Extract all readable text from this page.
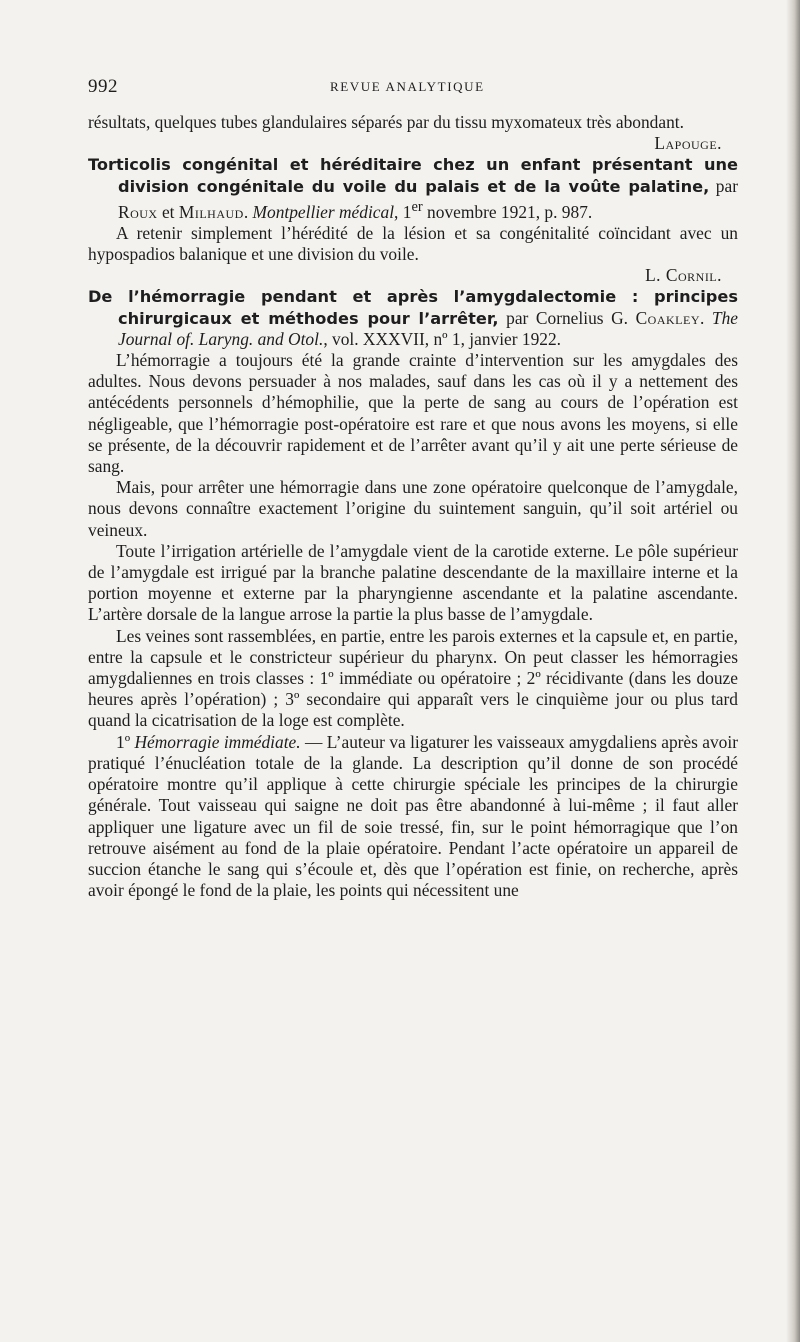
992	REVUE ANALYTIQUE

résultats, quelques tubes glandulaires séparés par du tissu myxomateux très abondant.

Lapouge.

Torticolis congénital et héréditaire chez un enfant présentant une division congénitale du voile du palais et de la voûte palatine, par Roux et Milhaud. Montpellier médical, 1er novembre 1921, p. 987.

A retenir simplement l’hérédité de la lésion et sa congénitalité coïncidant avec un hypospadios balanique et une division du voile.

L. Cornil.

De l’hémorragie pendant et après l’amygdalectomie : principes chirurgicaux et méthodes pour l’arrêter, par Cornelius G. Coakley. The Journal of. Laryng. and Otol., vol. XXXVII, nº 1, janvier 1922.

L’hémorragie a toujours été la grande crainte d’intervention sur les amygdales des adultes. Nous devons persuader à nos malades, sauf dans les cas où il y a nettement des antécédents personnels d’hémophilie, que la perte de sang au cours de l’opération est négligeable, que l’hémorragie post-opératoire est rare et que nous avons les moyens, si elle se présente, de la découvrir rapidement et de l’arrêter avant qu’il y ait une perte sérieuse de sang.

Mais, pour arrêter une hémorragie dans une zone opératoire quelconque de l’amygdale, nous devons connaître exactement l’origine du suintement sanguin, qu’il soit artériel ou veineux.

Toute l’irrigation artérielle de l’amygdale vient de la carotide externe. Le pôle supérieur de l’amygdale est irrigué par la branche palatine descendante de la maxillaire interne et la portion moyenne et externe par la pharyngienne ascendante et la palatine ascendante. L’artère dorsale de la langue arrose la partie la plus basse de l’amygdale.

Les veines sont rassemblées, en partie, entre les parois externes et la capsule et, en partie, entre la capsule et le constricteur supérieur du pharynx. On peut classer les hémorragies amygdaliennes en trois classes : 1º immédiate ou opératoire ; 2º récidivante (dans les douze heures après l’opération) ; 3º secondaire qui apparaît vers le cinquième jour ou plus tard quand la cicatrisation de la loge est complète.

1º Hémorragie immédiate. — L’auteur va ligaturer les vaisseaux amygdaliens après avoir pratiqué l’énucléation totale de la glande. La description qu’il donne de son procédé opératoire montre qu’il applique à cette chirurgie spéciale les principes de la chirurgie générale. Tout vaisseau qui saigne ne doit pas être abandonné à lui-même ; il faut aller appliquer une ligature avec un fil de soie tressé, fin, sur le point hémorragique que l’on retrouve aisément au fond de la plaie opératoire. Pendant l’acte opératoire un appareil de succion étanche le sang qui s’écoule et, dès que l’opération est finie, on recherche, après avoir épongé le fond de la plaie, les points qui nécessitent une
